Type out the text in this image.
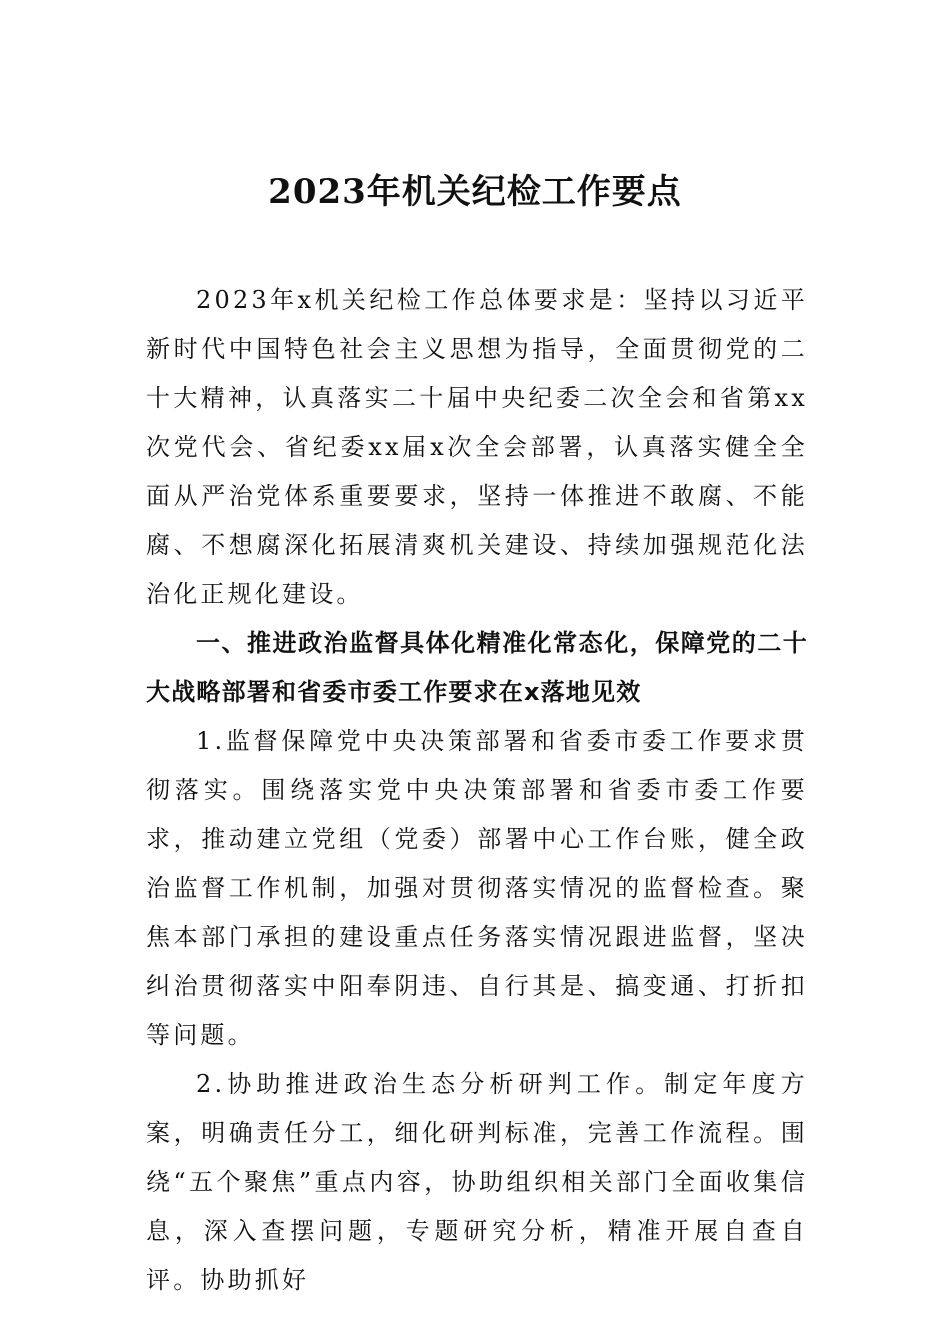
2023年机关纪检工作要点

2023年x机关纪检工作总体要求是：坚持以习近平新时代中国特色社会主义思想为指导，全面贯彻党的二十大精神，认真落实二十届中央纪委二次全会和省第xx次党代会、省纪委xx届x次全会部署，认真落实健全全面从严治党体系重要要求，坚持一体推进不敢腐、不能腐、不想腐深化拓展清爽机关建设、持续加强规范化法治化正规化建设。

一、推进政治监督具体化精准化常态化，保障党的二十大战略部署和省委市委工作要求在x落地见效

1.监督保障党中央决策部署和省委市委工作要求贯彻落实。围绕落实党中央决策部署和省委市委工作要求，推动建立党组（党委）部署中心工作台账，健全政治监督工作机制，加强对贯彻落实情况的监督检查。聚焦本部门承担的建设重点任务落实情况跟进监督，坚决纠治贯彻落实中阳奉阴违、自行其是、搞变通、打折扣等问题。

2.协助推进政治生态分析研判工作。制定年度方案，明确责任分工，细化研判标准，完善工作流程。围绕“五个聚焦”重点内容，协助组织相关部门全面收集信息，深入查摆问题，专题研究分析，精准开展自查自评。协助抓好
